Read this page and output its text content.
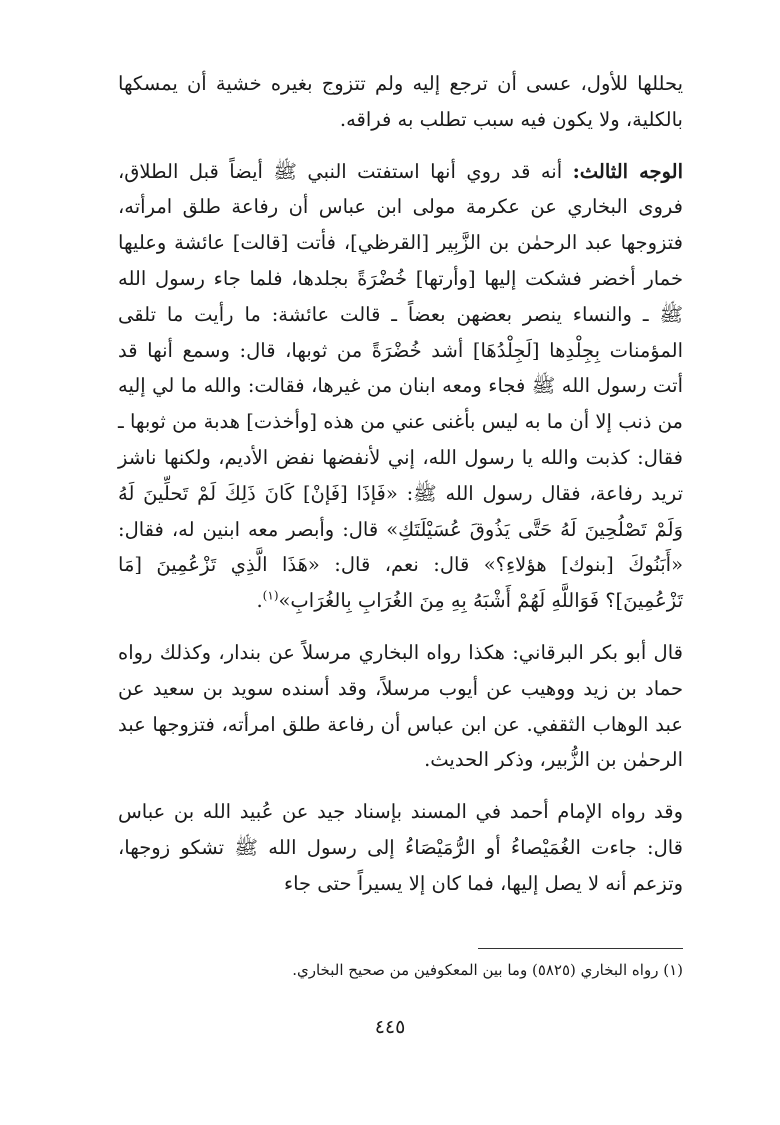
يحللها للأول، عسى أن ترجع إليه ولم تتزوج بغيره خشية أن يمسكها بالكلية، ولا يكون فيه سبب تطلب به فراقه.

الوجه الثالث: أنه قد روي أنها استفتت النبي ﷺ أيضاً قبل الطلاق، فروى البخاري عن عكرمة مولى ابن عباس أن رفاعة طلق امرأته، فتزوجها عبد الرحمٰن بن الزَّبِير [القرظي]، فأتت [قالت] عائشة وعليها خمار أخضر فشكت إليها [وأرتها] خُضْرَةً بجلدها، فلما جاء رسول الله ﷺ ـ والنساء ينصر بعضهن بعضاً ـ قالت عائشة: ما رأيت ما تلقى المؤمنات بِجِلْدِها [لَجِلْدُهَا] أشد خُضْرَةً من ثوبها، قال: وسمع أنها قد أتت رسول الله ﷺ فجاء ومعه ابنان من غيرها، فقالت: والله ما لي إليه من ذنب إلا أن ما به ليس بأغنى عني من هذه [وأخذت] هدبة من ثوبها ـ فقال: كذبت والله يا رسول الله، إني لأنفضها نفض الأديم، ولكنها ناشز تريد رفاعة، فقال رسول الله ﷺ: «فَإذَا [فَإنْ] كَانَ ذَلِكَ لَمْ تَحلِّينَ لَهُ وَلَمْ تَصْلُحِينَ لَهُ حَتَّى يَذُوقَ عُسَيْلَتَكِ» قال: وأبصر معه ابنين له، فقال: «أَبَنُوكَ [بنوك] هؤلاءِ؟» قال: نعم، قال: «هَذَا الَّذِي تَزْعُمِينَ [مَا تَزْعُمِينَ]؟ فَوَاللَّهِ لَهُمْ أَشْبَهُ بِهِ مِنَ الغُرَابِ بِالغُرَابِ»$^{(١)}$.

قال أبو بكر البرقاني: هكذا رواه البخاري مرسلاً عن بندار، وكذلك رواه حماد بن زيد ووهيب عن أيوب مرسلاً، وقد أسنده سويد بن سعيد عن عبد الوهاب الثقفي. عن ابن عباس أن رفاعة طلق امرأته، فتزوجها عبد الرحمٰن بن الزُّبير، وذكر الحديث.

وقد رواه الإمام أحمد في المسند بإسناد جيد عن عُبيد الله بن عباس قال: جاءت الغُمَيْصاءُ أو الرُّمَيْصَاءُ إلى رسول الله ﷺ تشكو زوجها، وتزعم أنه لا يصل إليها، فما كان إلا يسيراً حتى جاء

(١) رواه البخاري (٥٨٢٥) وما بين المعكوفين من صحيح البخاري.
٤٤٥
